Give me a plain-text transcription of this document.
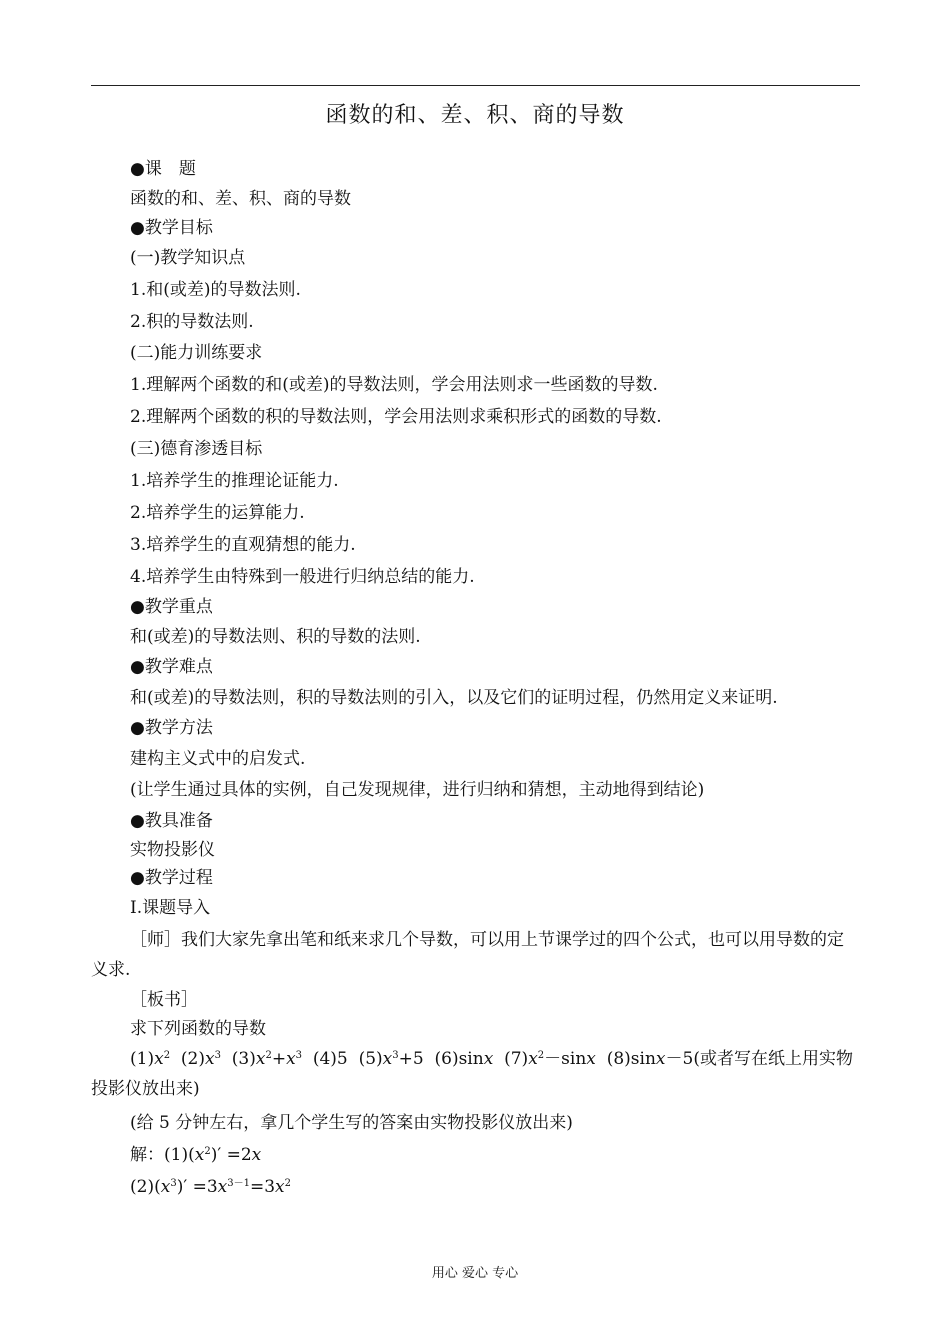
函数的和、差、积、商的导数
●课　题
函数的和、差、积、商的导数
●教学目标
(一)教学知识点
1.和(或差)的导数法则.
2.积的导数法则.
(二)能力训练要求
1.理解两个函数的和(或差)的导数法则，学会用法则求一些函数的导数.
2.理解两个函数的积的导数法则，学会用法则求乘积形式的函数的导数.
(三)德育渗透目标
1.培养学生的推理论证能力.
2.培养学生的运算能力.
3.培养学生的直观猜想的能力.
4.培养学生由特殊到一般进行归纳总结的能力.
●教学重点
和(或差)的导数法则、积的导数的法则.
●教学难点
和(或差)的导数法则，积的导数法则的引入，以及它们的证明过程，仍然用定义来证明.
●教学方法
建构主义式中的启发式.
(让学生通过具体的实例，自己发现规律，进行归纳和猜想，主动地得到结论)
●教具准备
实物投影仪
●教学过程
Ⅰ.课题导入
［师］我们大家先拿出笔和纸来求几个导数，可以用上节课学过的四个公式，也可以用导数的定义求.
［板书］
求下列函数的导数
$(1)x^2$ $(2)x^3$ $(3)x^2+x^3$ (4)5 $(5)x^3+5$ (6)sinx $(7)x^2-\sin x$ (8)sinx－5(或者写在纸上用实物投影仪放出来)
(给 5 分钟左右，拿几个学生写的答案由实物投影仪放出来)
解：$(1)(x^2)' =2x$
$(2)(x^3)' =3x^{3-1}=3x^2$
用心 爱心 专心
